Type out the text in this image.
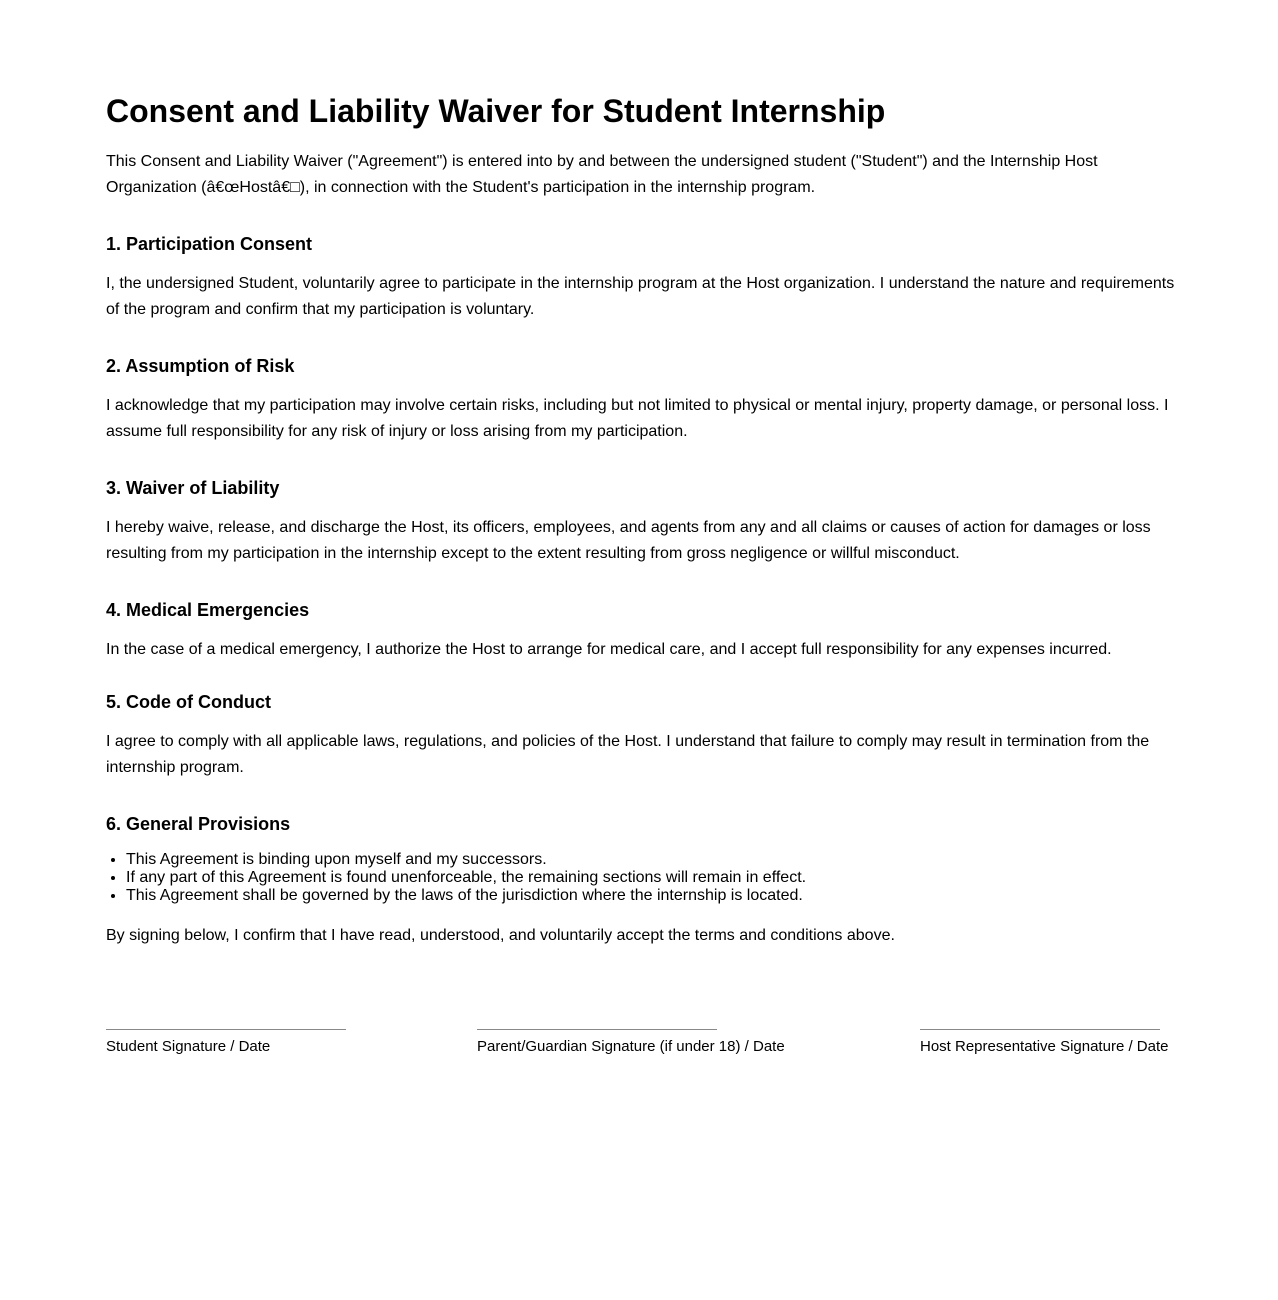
Consent and Liability Waiver for Student Internship

This Consent and Liability Waiver ("Agreement") is entered into by and between the undersigned student ("Student") and the Internship Host Organization (â€œHostâ€□), in connection with the Student's participation in the internship program.

1. Participation Consent

I, the undersigned Student, voluntarily agree to participate in the internship program at the Host organization. I understand the nature and requirements of the program and confirm that my participation is voluntary.

2. Assumption of Risk

I acknowledge that my participation may involve certain risks, including but not limited to physical or mental injury, property damage, or personal loss. I assume full responsibility for any risk of injury or loss arising from my participation.

3. Waiver of Liability

I hereby waive, release, and discharge the Host, its officers, employees, and agents from any and all claims or causes of action for damages or loss resulting from my participation in the internship except to the extent resulting from gross negligence or willful misconduct.

4. Medical Emergencies

In the case of a medical emergency, I authorize the Host to arrange for medical care, and I accept full responsibility for any expenses incurred.

5. Code of Conduct

I agree to comply with all applicable laws, regulations, and policies of the Host. I understand that failure to comply may result in termination from the internship program.

6. General Provisions
• This Agreement is binding upon myself and my successors.
• If any part of this Agreement is found unenforceable, the remaining sections will remain in effect.
• This Agreement shall be governed by the laws of the jurisdiction where the internship is located.

By signing below, I confirm that I have read, understood, and voluntarily accept the terms and conditions above.

Student Signature / Date	Parent/Guardian Signature (if under 18) / Date	Host Representative Signature / Date
